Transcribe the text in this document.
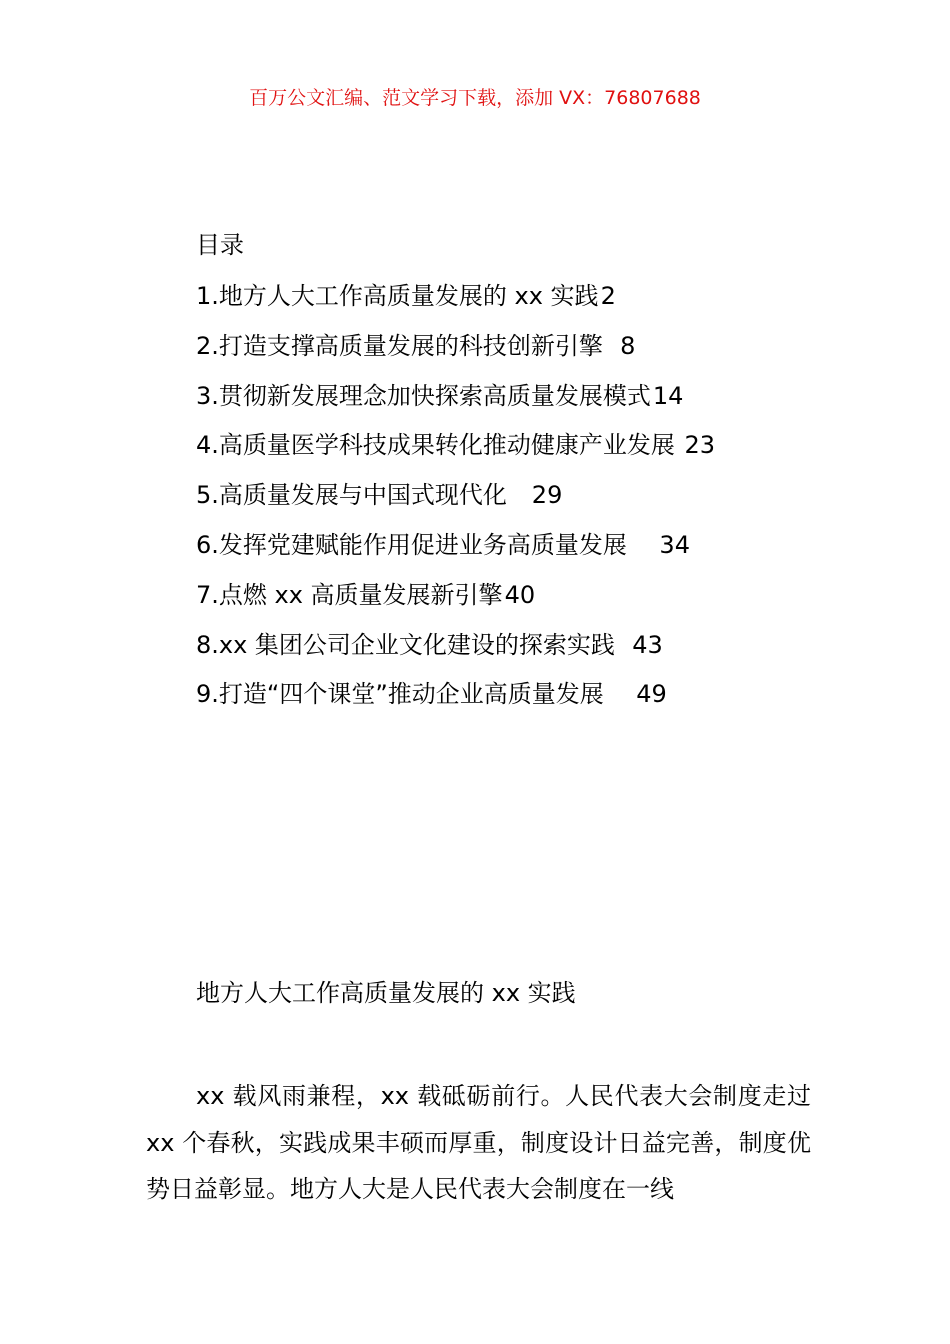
百万公文汇编、范文学习下载，添加 VX：76807688
目录
1.地方人大工作高质量发展的 xx 实践2
2.打造支撑高质量发展的科技创新引擎  8
3.贯彻新发展理念加快探索高质量发展模式14
4.高质量医学科技成果转化推动健康产业发展 23
5.高质量发展与中国式现代化   29
6.发挥党建赋能作用促进业务高质量发展    34
7.点燃 xx 高质量发展新引擎40
8.xx 集团公司企业文化建设的探索实践  43
9.打造“四个课堂”推动企业高质量发展    49
地方人大工作高质量发展的 xx 实践

xx 载风雨兼程，xx 载砥砺前行。人民代表大会制度走过 xx 个春秋，实践成果丰硕而厚重，制度设计日益完善，制度优势日益彰显。地方人大是人民代表大会制度在一线
